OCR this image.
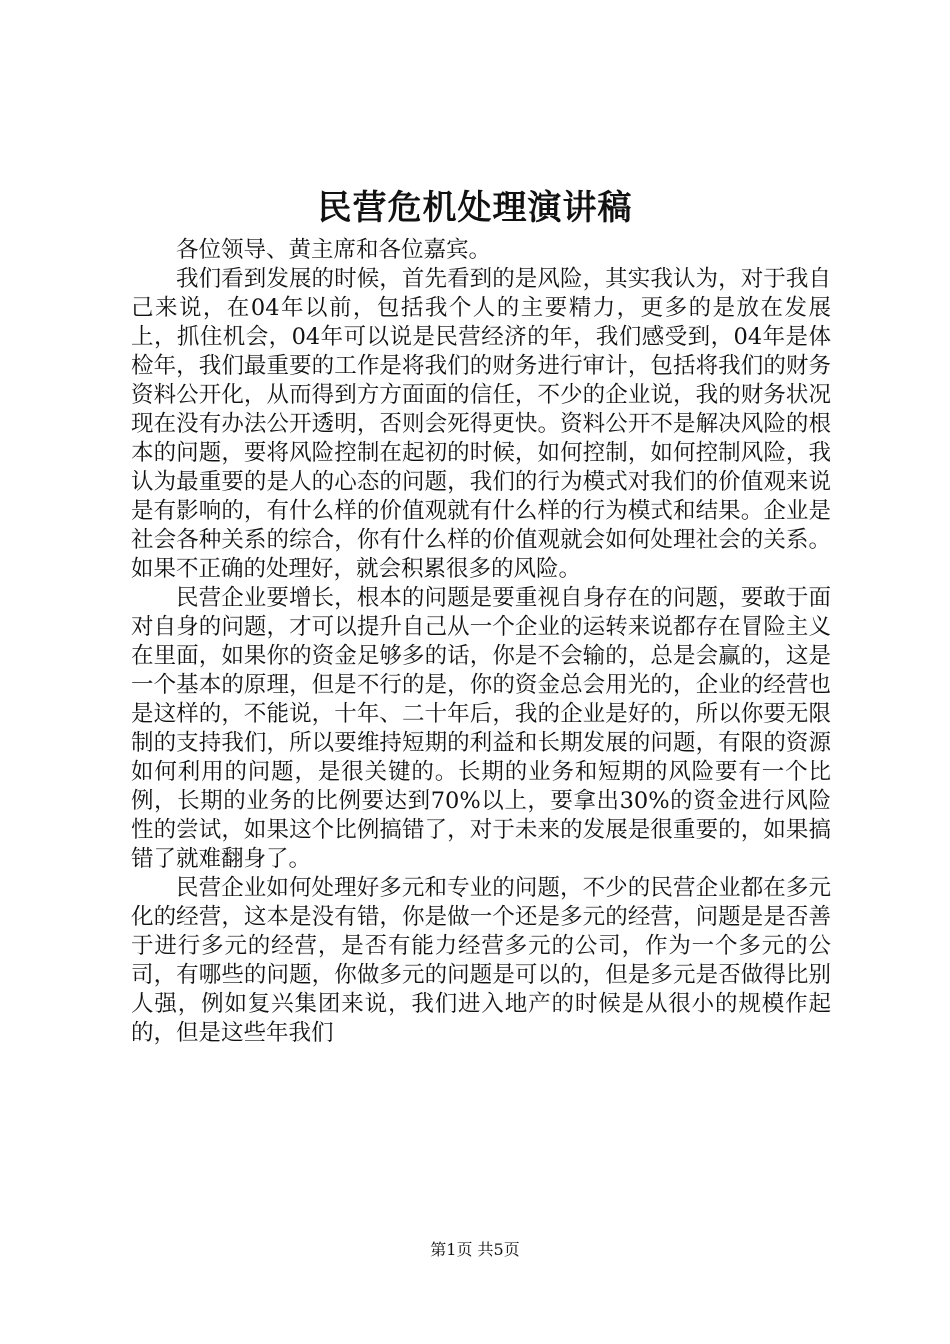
民营危机处理演讲稿

各位领导、黄主席和各位嘉宾。

我们看到发展的时候，首先看到的是风险，其实我认为，对于我自己来说，在04年以前，包括我个人的主要精力，更多的是放在发展上，抓住机会，04年可以说是民营经济的年，我们感受到，04年是体检年，我们最重要的工作是将我们的财务进行审计，包括将我们的财务资料公开化，从而得到方方面面的信任，不少的企业说，我的财务状况现在没有办法公开透明，否则会死得更快。资料公开不是解决风险的根本的问题，要将风险控制在起初的时候，如何控制，如何控制风险，我认为最重要的是人的心态的问题，我们的行为模式对我们的价值观来说是有影响的，有什么样的价值观就有什么样的行为模式和结果。企业是社会各种关系的综合，你有什么样的价值观就会如何处理社会的关系。如果不正确的处理好，就会积累很多的风险。

民营企业要增长，根本的问题是要重视自身存在的问题，要敢于面对自身的问题，才可以提升自己从一个企业的运转来说都存在冒险主义在里面，如果你的资金足够多的话，你是不会输的，总是会赢的，这是一个基本的原理，但是不行的是，你的资金总会用光的，企业的经营也是这样的，不能说，十年、二十年后，我的企业是好的，所以你要无限制的支持我们，所以要维持短期的利益和长期发展的问题，有限的资源如何利用的问题，是很关键的。长期的业务和短期的风险要有一个比例，长期的业务的比例要达到70%以上，要拿出30%的资金进行风险性的尝试，如果这个比例搞错了，对于未来的发展是很重要的，如果搞错了就难翻身了。

民营企业如何处理好多元和专业的问题，不少的民营企业都在多元化的经营，这本是没有错，你是做一个还是多元的经营，问题是是否善于进行多元的经营，是否有能力经营多元的公司，作为一个多元的公司，有哪些的问题，你做多元的问题是可以的，但是多元是否做得比别人强，例如复兴集团来说，我们进入地产的时候是从很小的规模作起的，但是这些年我们

第1页 共5页
